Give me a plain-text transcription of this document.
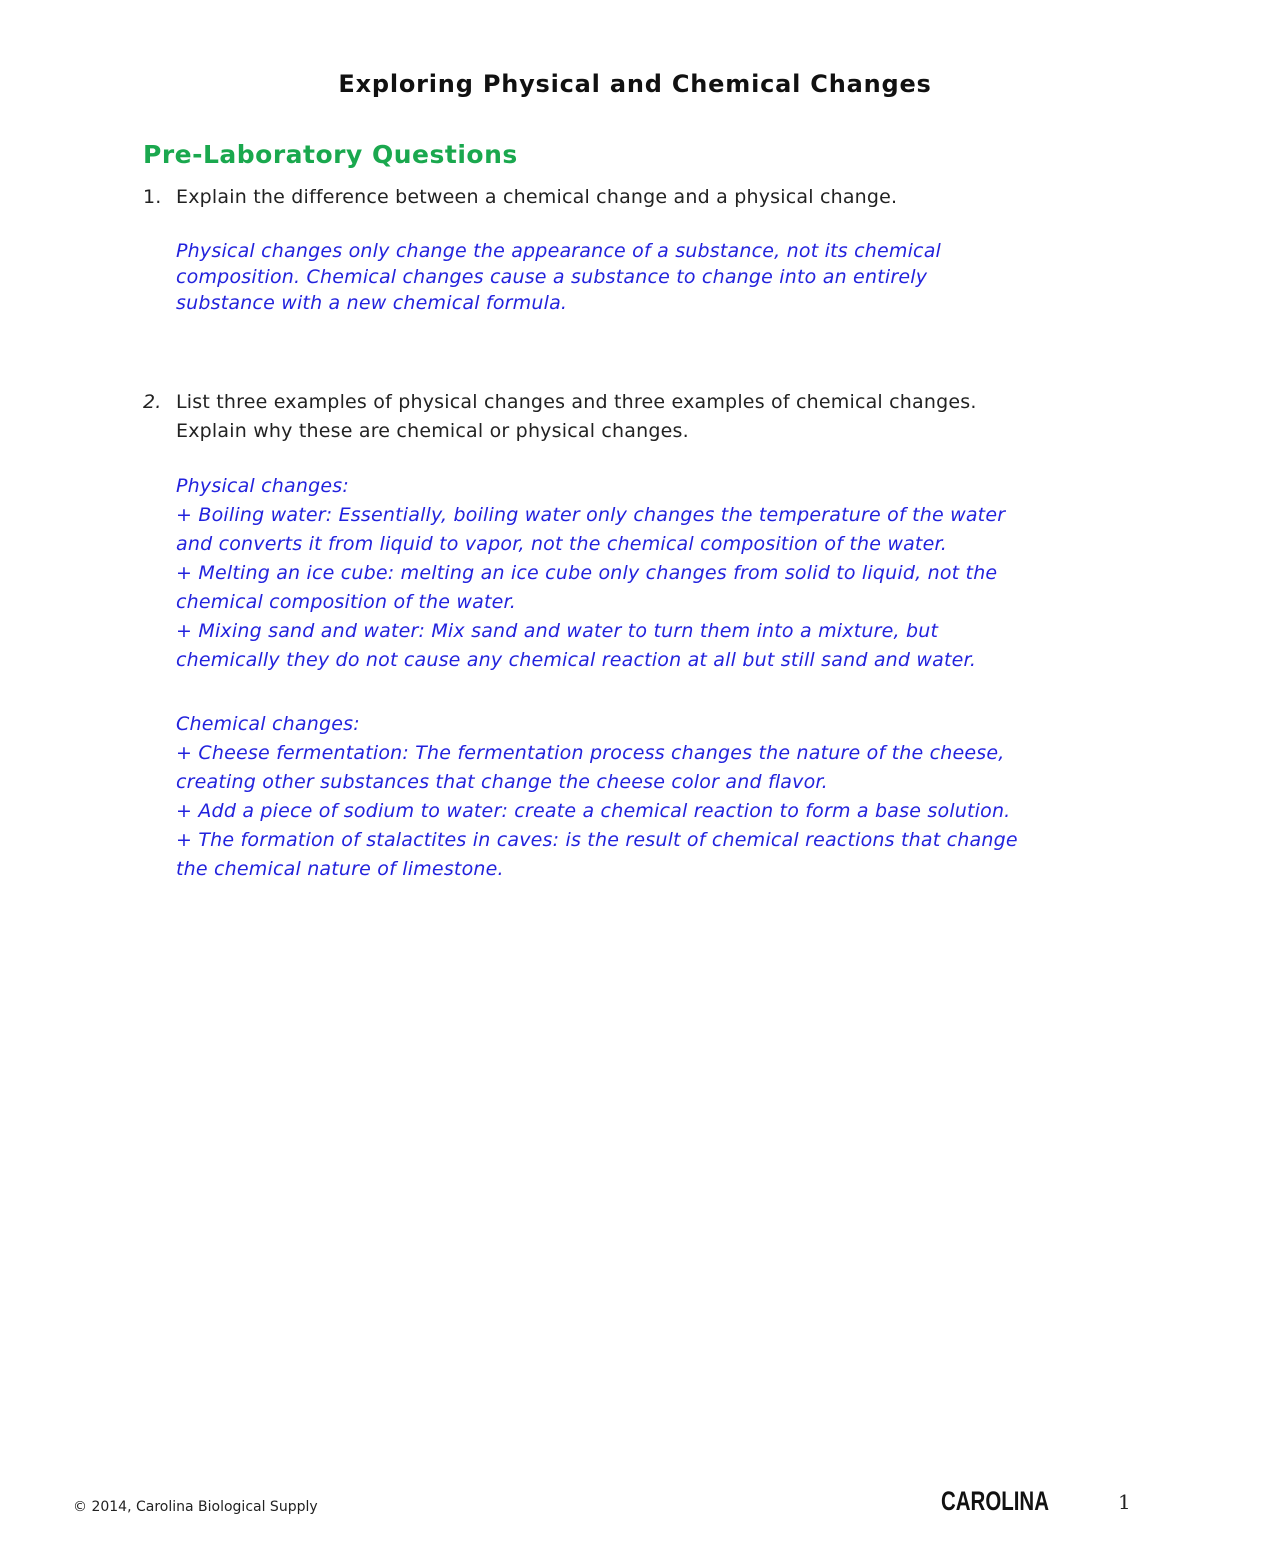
Exploring Physical and Chemical Changes
Pre-Laboratory Questions
1. Explain the difference between a chemical change and a physical change.
Physical changes only change the appearance of a substance, not its chemical
composition. Chemical changes cause a substance to change into an entirely
substance with a new chemical formula.
2. List three examples of physical changes and three examples of chemical changes.
Explain why these are chemical or physical changes.
Physical changes:
+ Boiling water: Essentially, boiling water only changes the temperature of the water
and converts it from liquid to vapor, not the chemical composition of the water.
+ Melting an ice cube: melting an ice cube only changes from solid to liquid, not the
chemical composition of the water.
+ Mixing sand and water: Mix sand and water to turn them into a mixture, but
chemically they do not cause any chemical reaction at all but still sand and water.
Chemical changes:
+ Cheese fermentation: The fermentation process changes the nature of the cheese,
creating other substances that change the cheese color and flavor.
+ Add a piece of sodium to water: create a chemical reaction to form a base solution.
+ The formation of stalactites in caves: is the result of chemical reactions that change
the chemical nature of limestone.
© 2014, Carolina Biological Supply	CAROLINA	1
